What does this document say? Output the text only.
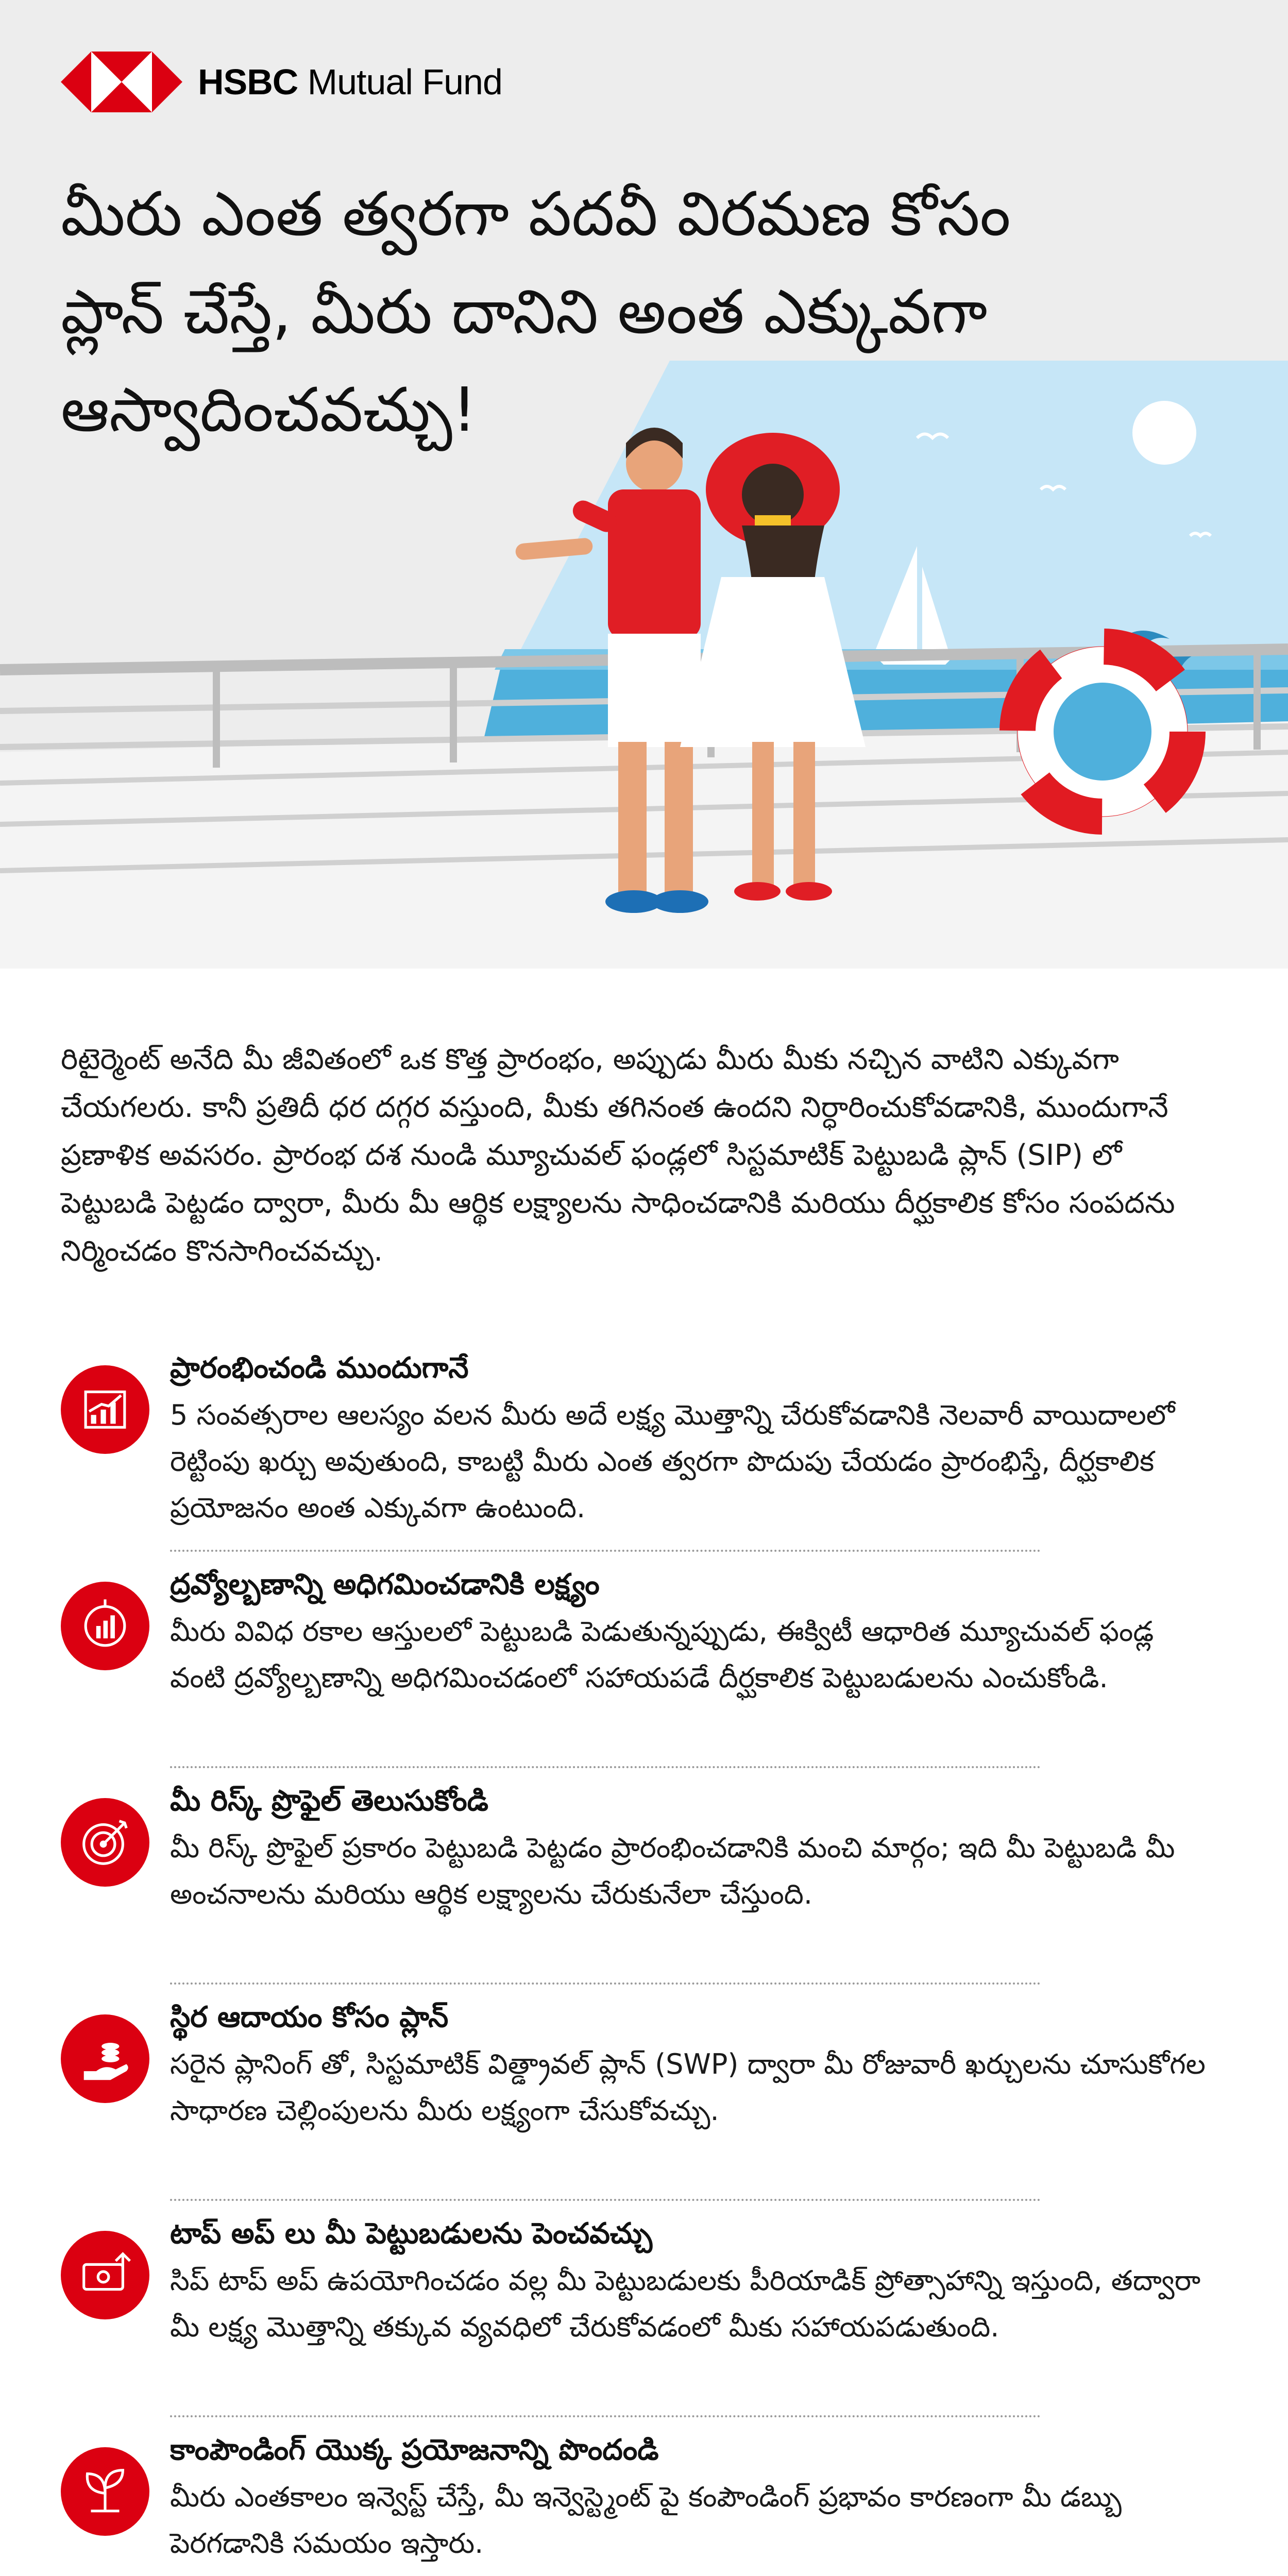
HSBC Mutual Fund
మీరు ఎంత త్వరగా పదవీ విరమణ కోసం
ప్లాన్ చేస్తే, మీరు దానిని అంత ఎక్కువగా
ఆస్వాదించవచ్చు!

రిటైర్మెంట్ అనేది మీ జీవితంలో ఒక కొత్త ప్రారంభం, అప్పుడు మీరు మీకు నచ్చిన వాటిని ఎక్కువగా చేయగలరు. కానీ ప్రతిదీ ధర దగ్గర వస్తుంది, మీకు తగినంత ఉందని నిర్ధారించుకోవడానికి, ముందుగానే ప్రణాళిక అవసరం. ప్రారంభ దశ నుండి మ్యూచువల్ ఫండ్లలో సిస్టమాటిక్ పెట్టుబడి ప్లాన్ (SIP) లో పెట్టుబడి పెట్టడం ద్వారా, మీరు మీ ఆర్థిక లక్ష్యాలను సాధించడానికి మరియు దీర్ఘకాలిక కోసం సంపదను నిర్మించడం కొనసాగించవచ్చు.

ప్రారంభించండి ముందుగానే
5 సంవత్సరాల ఆలస్యం వలన మీరు అదే లక్ష్య మొత్తాన్ని చేరుకోవడానికి నెలవారీ వాయిదాలలో రెట్టింపు ఖర్చు అవుతుంది, కాబట్టి మీరు ఎంత త్వరగా పొదుపు చేయడం ప్రారంభిస్తే, దీర్ఘకాలిక ప్రయోజనం అంత ఎక్కువగా ఉంటుంది.
ద్రవ్యోల్బణాన్ని అధిగమించడానికి లక్ష్యం
మీరు వివిధ రకాల ఆస్తులలో పెట్టుబడి పెడుతున్నప్పుడు, ఈక్విటీ ఆధారిత మ్యూచువల్ ఫండ్ల వంటి ద్రవ్యోల్బణాన్ని అధిగమించడంలో సహాయపడే దీర్ఘకాలిక పెట్టుబడులను ఎంచుకోండి.
మీ రిస్క్ ప్రొఫైల్ తెలుసుకోండి
మీ రిస్క్ ప్రొఫైల్ ప్రకారం పెట్టుబడి పెట్టడం ప్రారంభించడానికి మంచి మార్గం; ఇది మీ పెట్టుబడి మీ అంచనాలను మరియు ఆర్థిక లక్ష్యాలను చేరుకునేలా చేస్తుంది.
స్థిర ఆదాయం కోసం ప్లాన్
సరైన ప్లానింగ్ తో, సిస్టమాటిక్ విత్డ్రావల్ ప్లాన్ (SWP) ద్వారా మీ రోజువారీ ఖర్చులను చూసుకోగల సాధారణ చెల్లింపులను మీరు లక్ష్యంగా చేసుకోవచ్చు.
టాప్ అప్ లు మీ పెట్టుబడులను పెంచవచ్చు
సిప్ టాప్ అప్ ఉపయోగించడం వల్ల మీ పెట్టుబడులకు పీరియాడిక్ ప్రోత్సాహాన్ని ఇస్తుంది, తద్వారా మీ లక్ష్య మొత్తాన్ని తక్కువ వ్యవధిలో చేరుకోవడంలో మీకు సహాయపడుతుంది.
కాంపౌండింగ్ యొక్క ప్రయోజనాన్ని పొందండి
మీరు ఎంతకాలం ఇన్వెస్ట్ చేస్తే, మీ ఇన్వెస్ట్మెంట్ పై కంపౌండింగ్ ప్రభావం కారణంగా మీ డబ్బు పెరగడానికి సమయం ఇస్తారు.
